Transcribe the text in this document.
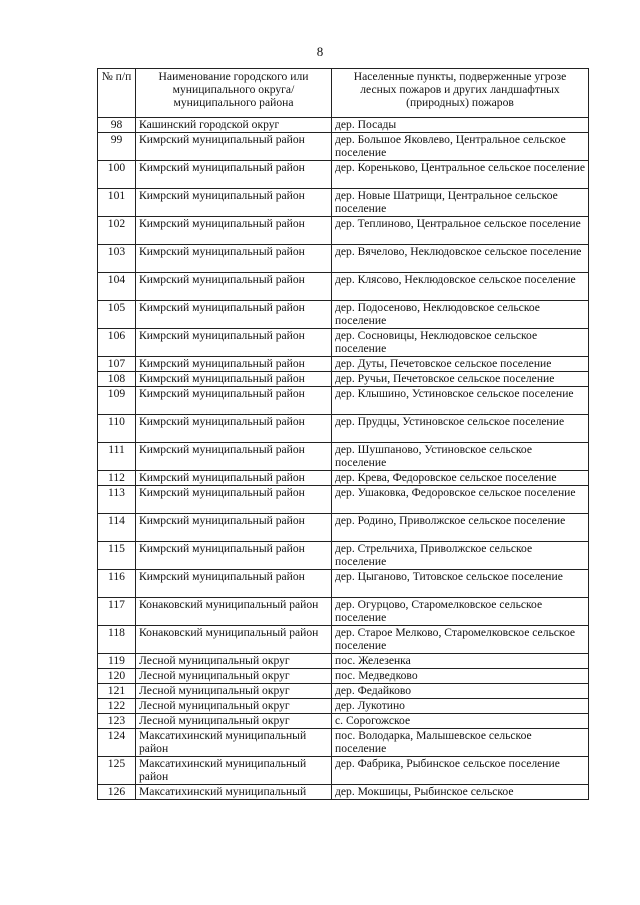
8
№ п/п	Наименование городского или муниципального округа/муниципального района	Населенные пункты, подверженные угрозе лесных пожаров и других ландшафтных (природных) пожаров
98	Кашинский городской округ	дер. Посады
99	Кимрский муниципальный район	дер. Большое Яковлево, Центральное сельское поселение
100	Кимрский муниципальный район	дер. Кореньково, Центральное сельское поселение
101	Кимрский муниципальный район	дер. Новые Шатрищи, Центральное сельское поселение
102	Кимрский муниципальный район	дер. Теплиново, Центральное сельское поселение
103	Кимрский муниципальный район	дер. Вячелово, Неклюдовское сельское поселение
104	Кимрский муниципальный район	дер. Клясово, Неклюдовское сельское поселение
105	Кимрский муниципальный район	дер. Подосеново, Неклюдовское сельское поселение
106	Кимрский муниципальный район	дер. Сосновицы, Неклюдовское сельское поселение
107	Кимрский муниципальный район	дер. Дуты, Печетовское сельское поселение
108	Кимрский муниципальный район	дер. Ручьи, Печетовское сельское поселение
109	Кимрский муниципальный район	дер. Клышино, Устиновское сельское поселение
110	Кимрский муниципальный район	дер. Прудцы, Устиновское сельское поселение
111	Кимрский муниципальный район	дер. Шушпаново, Устиновское сельское поселение
112	Кимрский муниципальный район	дер. Крева, Федоровское сельское поселение
113	Кимрский муниципальный район	дер. Ушаковка, Федоровское сельское поселение
114	Кимрский муниципальный район	дер. Родино, Приволжское сельское поселение
115	Кимрский муниципальный район	дер. Стрельчиха, Приволжское сельское поселение
116	Кимрский муниципальный район	дер. Цыганово, Титовское сельское поселение
117	Конаковский муниципальный район	дер. Огурцово, Старомелковское сельское поселение
118	Конаковский муниципальный район	дер. Старое Мелково, Старомелковское сельское поселение
119	Лесной муниципальный округ	пос. Железенка
120	Лесной муниципальный округ	пос. Медведково
121	Лесной муниципальный округ	дер. Федайково
122	Лесной муниципальный округ	дер. Лукотино
123	Лесной муниципальный округ	с. Сорогожское
124	Максатихинский муниципальный район	пос. Володарка, Малышевское сельское поселение
125	Максатихинский муниципальный район	дер. Фабрика, Рыбинское сельское поселение
126	Максатихинский муниципальный	дер. Мокшицы, Рыбинское сельское
